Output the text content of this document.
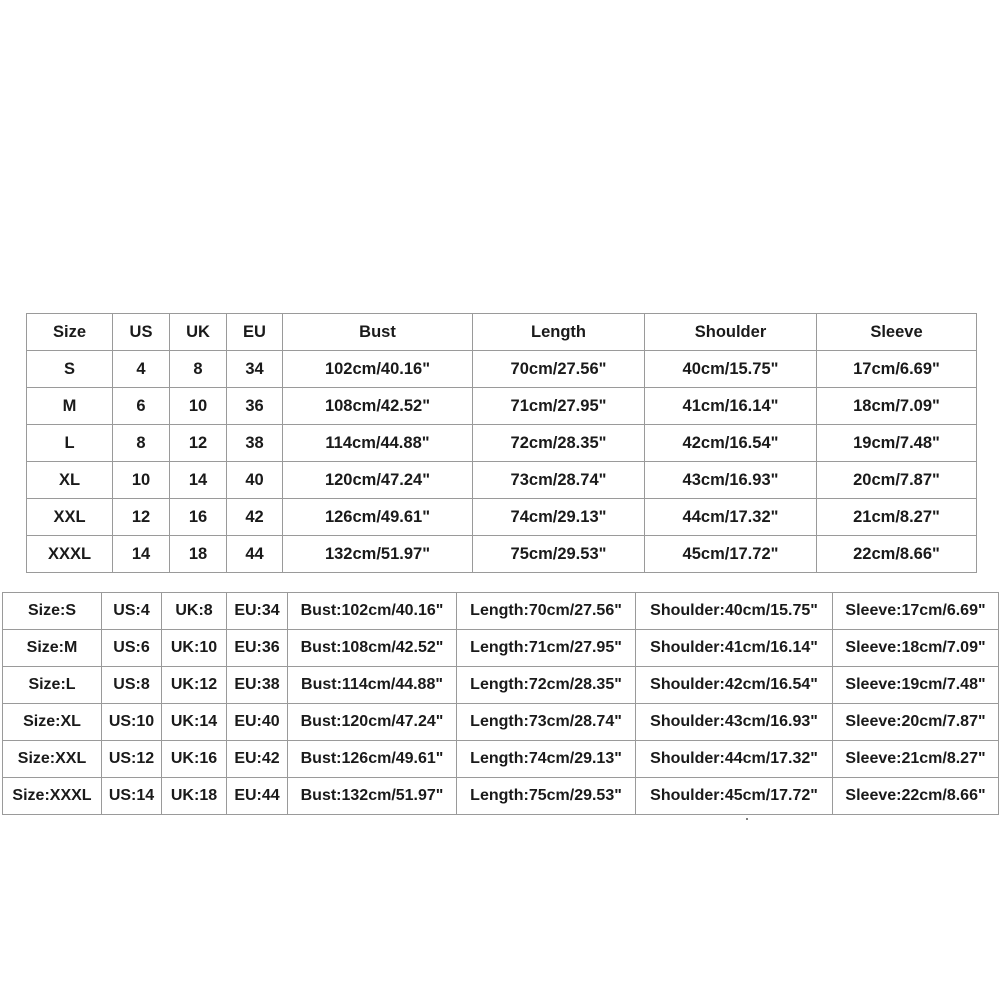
Size	US	UK	EU	Bust	Length	Shoulder	Sleeve
S	4	8	34	102cm/40.16"	70cm/27.56"	40cm/15.75"	17cm/6.69"
M	6	10	36	108cm/42.52"	71cm/27.95"	41cm/16.14"	18cm/7.09"
L	8	12	38	114cm/44.88"	72cm/28.35"	42cm/16.54"	19cm/7.48"
XL	10	14	40	120cm/47.24"	73cm/28.74"	43cm/16.93"	20cm/7.87"
XXL	12	16	42	126cm/49.61"	74cm/29.13"	44cm/17.32"	21cm/8.27"
XXXL	14	18	44	132cm/51.97"	75cm/29.53"	45cm/17.72"	22cm/8.66"
Size:S	US:4	UK:8	EU:34	Bust:102cm/40.16"	Length:70cm/27.56"	Shoulder:40cm/15.75"	Sleeve:17cm/6.69"
Size:M	US:6	UK:10	EU:36	Bust:108cm/42.52"	Length:71cm/27.95"	Shoulder:41cm/16.14"	Sleeve:18cm/7.09"
Size:L	US:8	UK:12	EU:38	Bust:114cm/44.88"	Length:72cm/28.35"	Shoulder:42cm/16.54"	Sleeve:19cm/7.48"
Size:XL	US:10	UK:14	EU:40	Bust:120cm/47.24"	Length:73cm/28.74"	Shoulder:43cm/16.93"	Sleeve:20cm/7.87"
Size:XXL	US:12	UK:16	EU:42	Bust:126cm/49.61"	Length:74cm/29.13"	Shoulder:44cm/17.32"	Sleeve:21cm/8.27"
Size:XXXL	US:14	UK:18	EU:44	Bust:132cm/51.97"	Length:75cm/29.53"	Shoulder:45cm/17.72"	Sleeve:22cm/8.66"
